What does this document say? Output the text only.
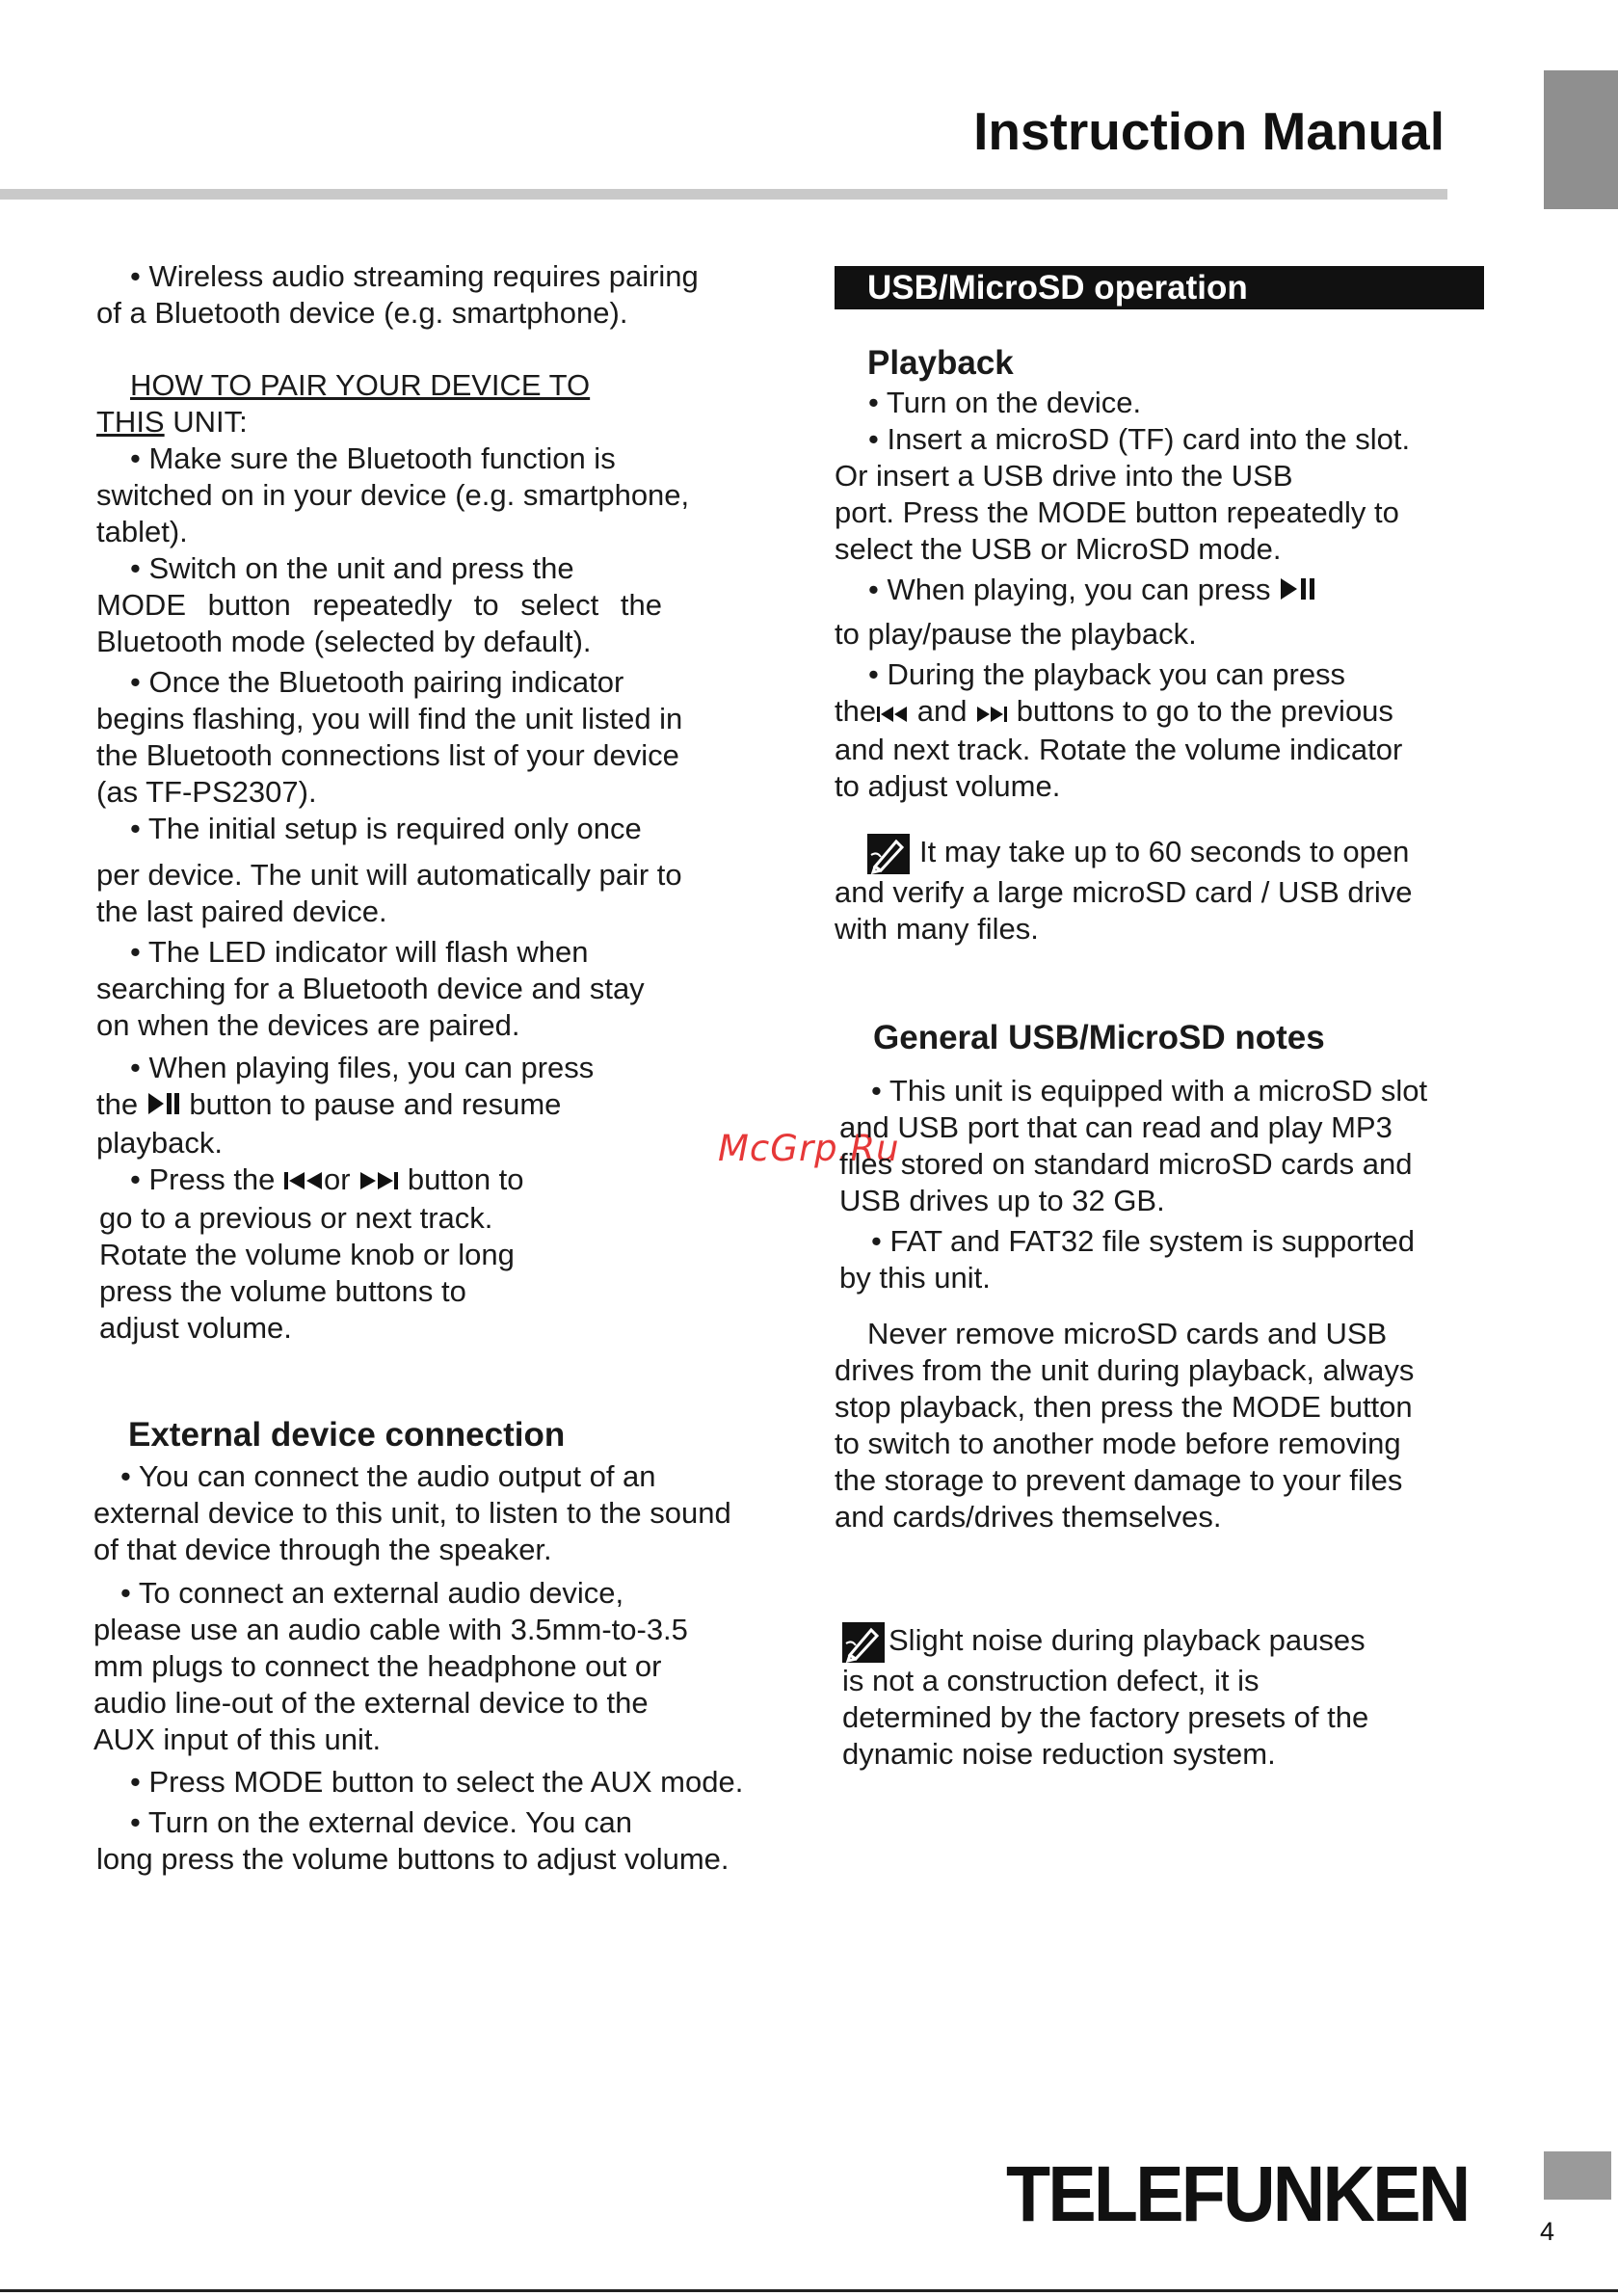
Instruction Manual
McGrp.Ru

• Wireless audio streaming requires pairing

of a Bluetooth device (e.g. smartphone).

HOW TO PAIR YOUR DEVICE TO

THIS UNIT:

• Make sure the Bluetooth function is

switched on in your device (e.g. smartphone,

tablet).

• Switch on the unit and press the

MODE button repeatedly to select the

Bluetooth mode (selected by default).

• Once the Bluetooth pairing indicator

begins flashing, you will find the unit listed in

the Bluetooth connections list of your device

(as TF-PS2307).

• The initial setup is required only once

per device. The unit will automatically pair to

the last paired device.

• The LED indicator will flash when

searching for a Bluetooth device and stay

on when the devices are paired.

• When playing files, you can press

the button to pause and resume

playback.

• Press the or button to

go to a previous or next track.

Rotate the volume knob or long

press the volume buttons to

adjust volume.

External device connection

• You can connect the audio output of an

external device to this unit, to listen to the sound

of that device through the speaker.

• To connect an external audio device,

please use an audio cable with 3.5mm-to-3.5

mm plugs to connect the headphone out or

audio line-out of the external device to the

AUX input of this unit.

• Press MODE button to select the AUX mode.

• Turn on the external device. You can

long press the volume buttons to adjust volume.

USB/MicroSD operation

Playback

• Turn on the device.

• Insert a microSD (TF) card into the slot.

Or insert a USB drive into the USB

port. Press the MODE button repeatedly to

select the USB or MicroSD mode.

• When playing, you can press

to play/pause the playback.

• During the playback you can press

the and buttons to go to the previous

and next track. Rotate the volume indicator

to adjust volume.

It may take up to 60 seconds to open

and verify a large microSD card / USB drive

with many files.

General USB/MicroSD notes

• This unit is equipped with a microSD slot

and USB port that can read and play MP3

files stored on standard microSD cards and

USB drives up to 32 GB.

• FAT and FAT32 file system is supported

by this unit.

Never remove microSD cards and USB

drives from the unit during playback, always

stop playback, then press the MODE button

to switch to another mode before removing

the storage to prevent damage to your files

and cards/drives themselves.

Slight noise during playback pauses

is not a construction defect, it is

determined by the factory presets of the

dynamic noise reduction system.

TELEFUNKEN	4
